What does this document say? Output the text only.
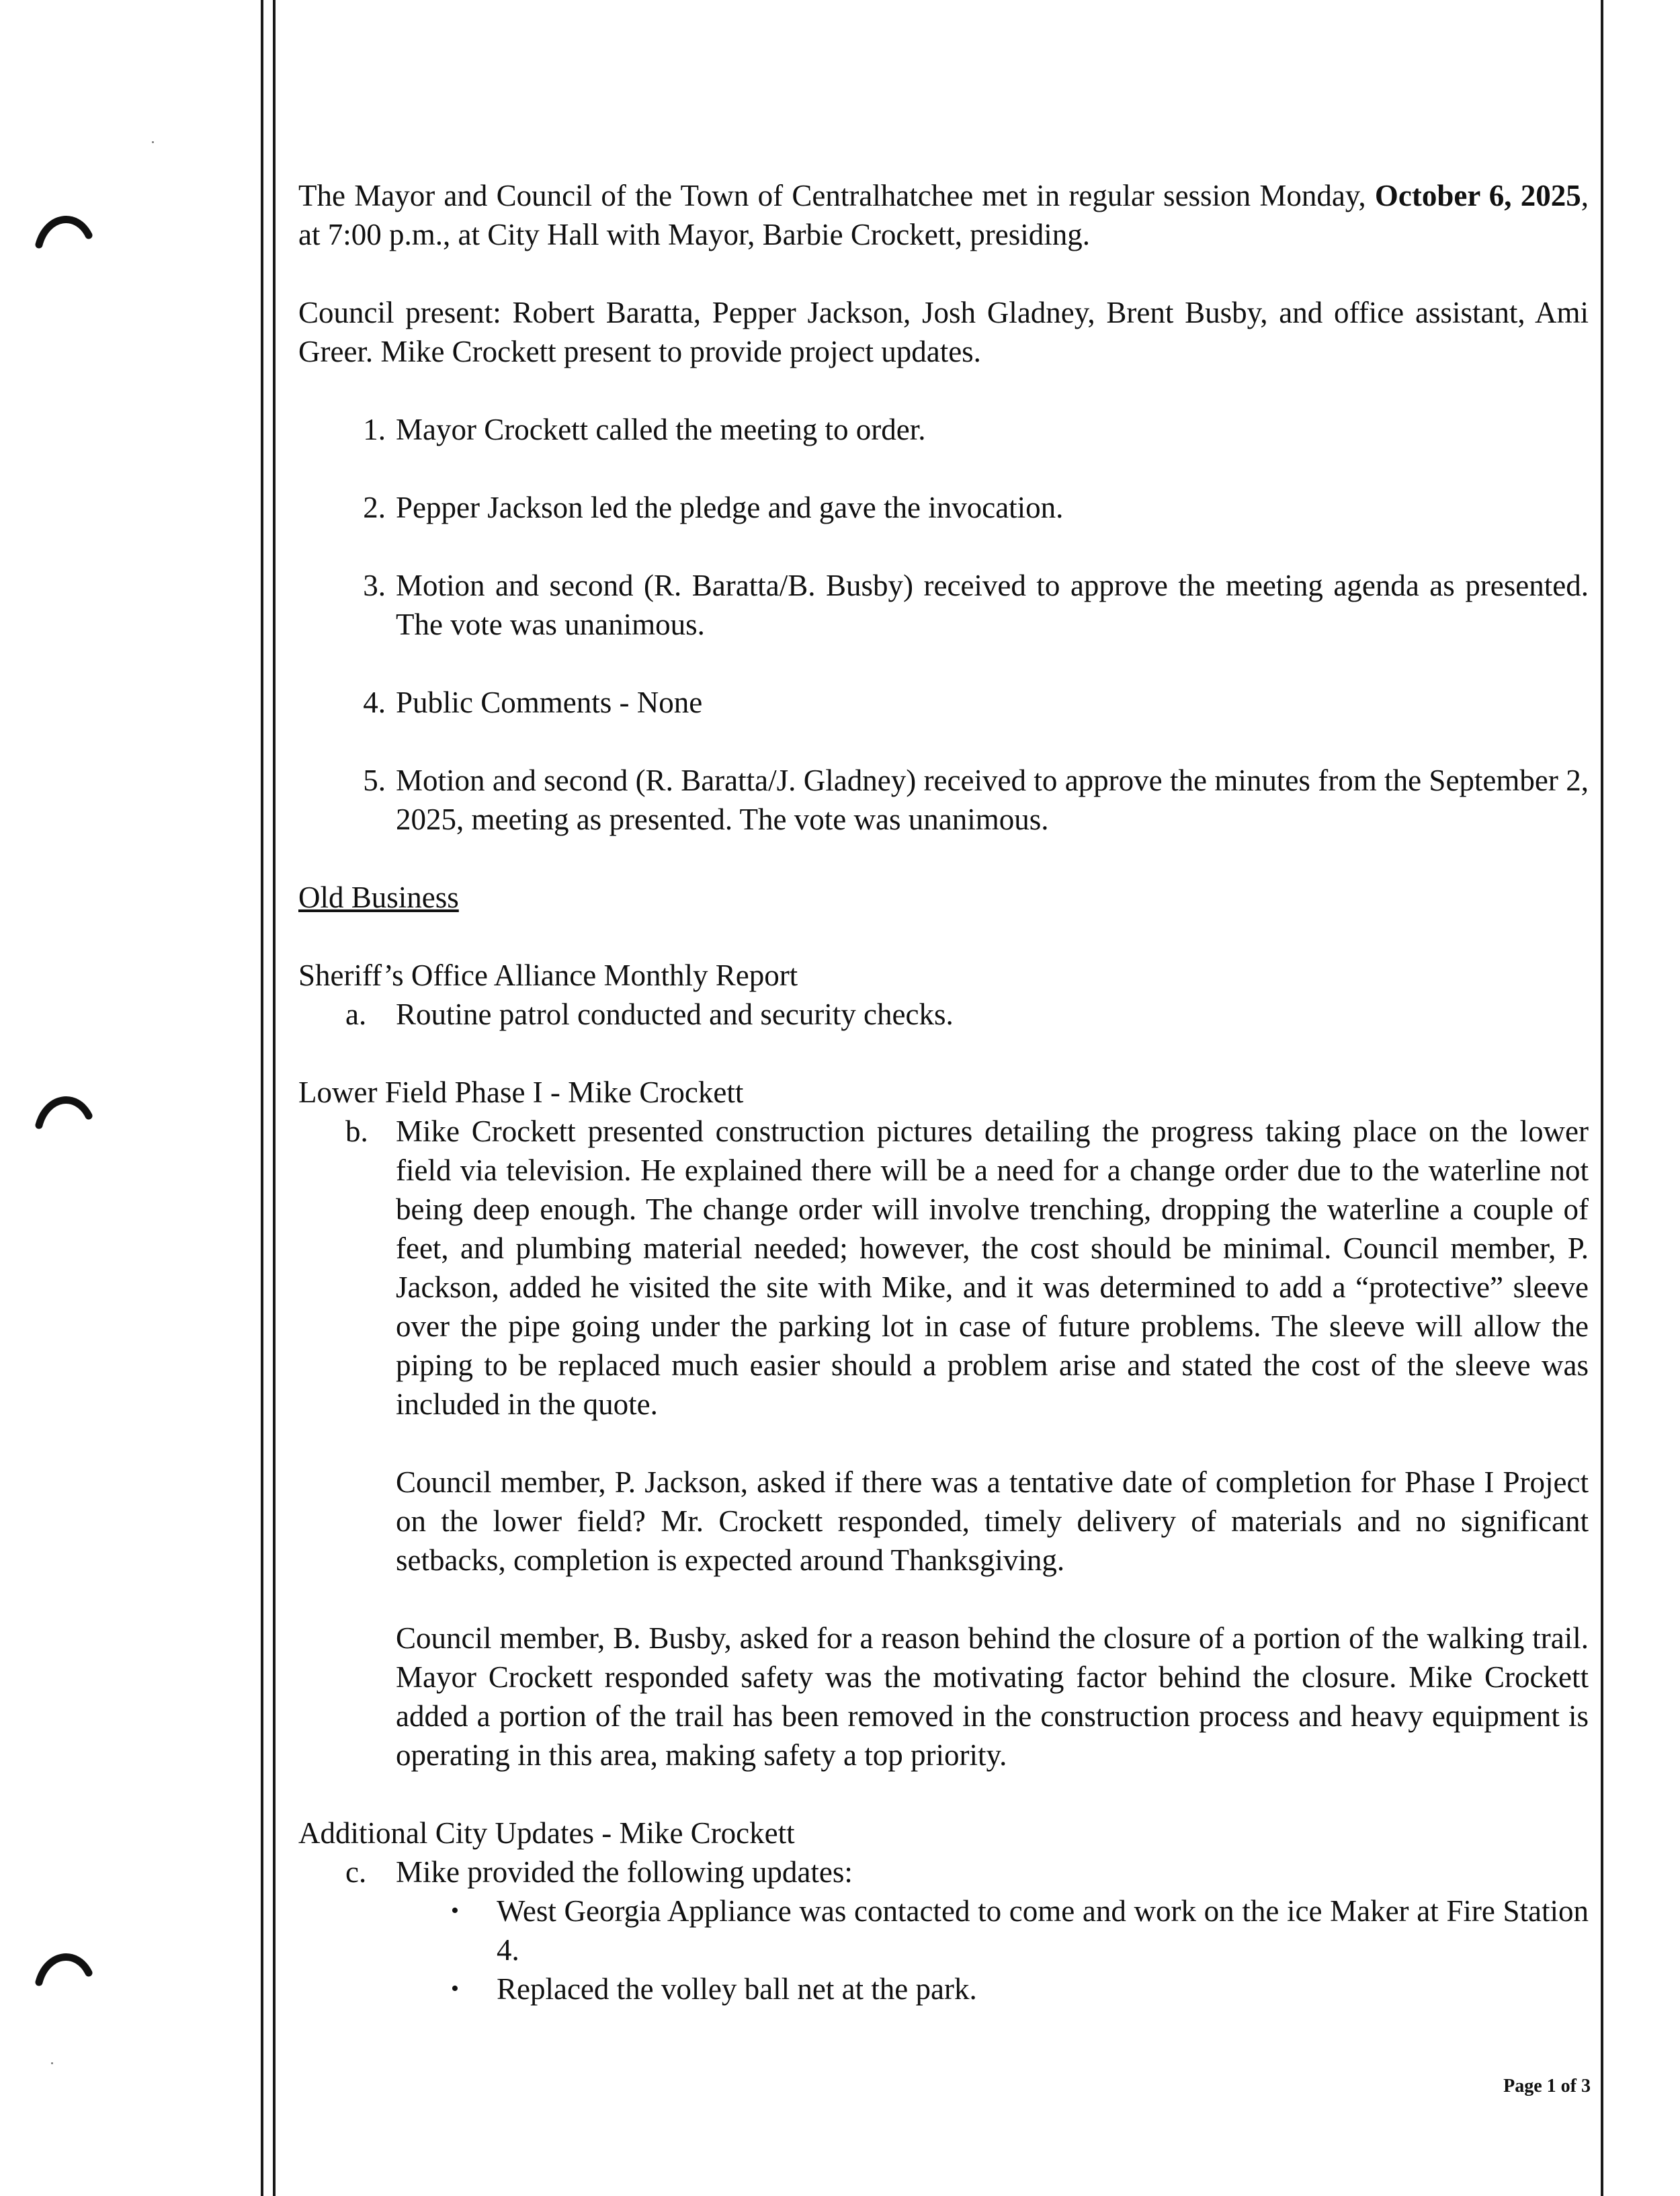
The Mayor and Council of the Town of Centralhatchee met in regular session Monday, October 6, 2025, at 7:00 p.m., at City Hall with Mayor, Barbie Crockett, presiding.

Council present: Robert Baratta, Pepper Jackson, Josh Gladney, Brent Busby, and office assistant, Ami Greer. Mike Crockett present to provide project updates.

1. Mayor Crockett called the meeting to order.
2. Pepper Jackson led the pledge and gave the invocation.
3. Motion and second (R. Baratta/B. Busby) received to approve the meeting agenda as presented. The vote was unanimous.
4. Public Comments - None
5. Motion and second (R. Baratta/J. Gladney) received to approve the minutes from the September 2, 2025, meeting as presented. The vote was unanimous.

Old Business

Sheriff’s Office Alliance Monthly Report

a. Routine patrol conducted and security checks.

Lower Field Phase I - Mike Crockett

b. Mike Crockett presented construction pictures detailing the progress taking place on the lower field via television. He explained there will be a need for a change order due to the waterline not being deep enough. The change order will involve trenching, dropping the waterline a couple of feet, and plumbing material needed; however, the cost should be minimal. Council member, P. Jackson, added he visited the site with Mike, and it was determined to add a “protective” sleeve over the pipe going under the parking lot in case of future problems. The sleeve will allow the piping to be replaced much easier should a problem arise and stated the cost of the sleeve was included in the quote.

Council member, P. Jackson, asked if there was a tentative date of completion for Phase I Project on the lower field? Mr. Crockett responded, timely delivery of materials and no significant setbacks, completion is expected around Thanksgiving.

Council member, B. Busby, asked for a reason behind the closure of a portion of the walking trail. Mayor Crockett responded safety was the motivating factor behind the closure. Mike Crockett added a portion of the trail has been removed in the construction process and heavy equipment is operating in this area, making safety a top priority.

Additional City Updates - Mike Crockett

c. Mike provided the following updates:

• West Georgia Appliance was contacted to come and work on the ice Maker at Fire Station 4.
• Replaced the volley ball net at the park.
Page 1 of 3
